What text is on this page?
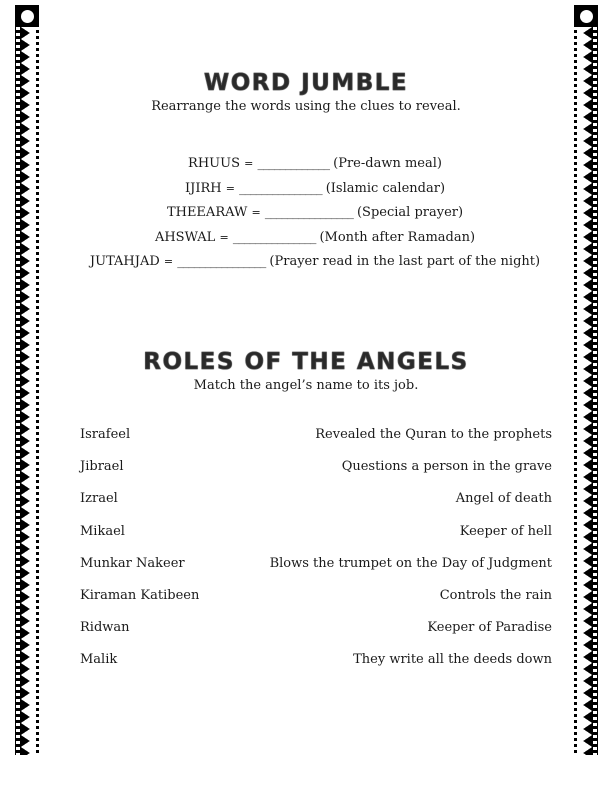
WORD JUMBLE
Rearrange the words using the clues to reveal.
RHUUS = _____________ (Pre-dawn meal)
IJIRH = _______________ (Islamic calendar)
THEEARAW = ________________ (Special prayer)
AHSWAL = _______________ (Month after Ramadan)
JUTAHJAD = ________________ (Prayer read in the last part of the night)
ROLES OF THE ANGELS
Match the angel’s name to its job.
Israfeel	Revealed the Quran to the prophets
Jibrael	Questions a person in the grave
Izrael	Angel of death
Mikael	Keeper of hell
Munkar Nakeer	Blows the trumpet on the Day of Judgment
Kiraman Katibeen	Controls the rain
Ridwan	Keeper of Paradise
Malik	They write all the deeds down
